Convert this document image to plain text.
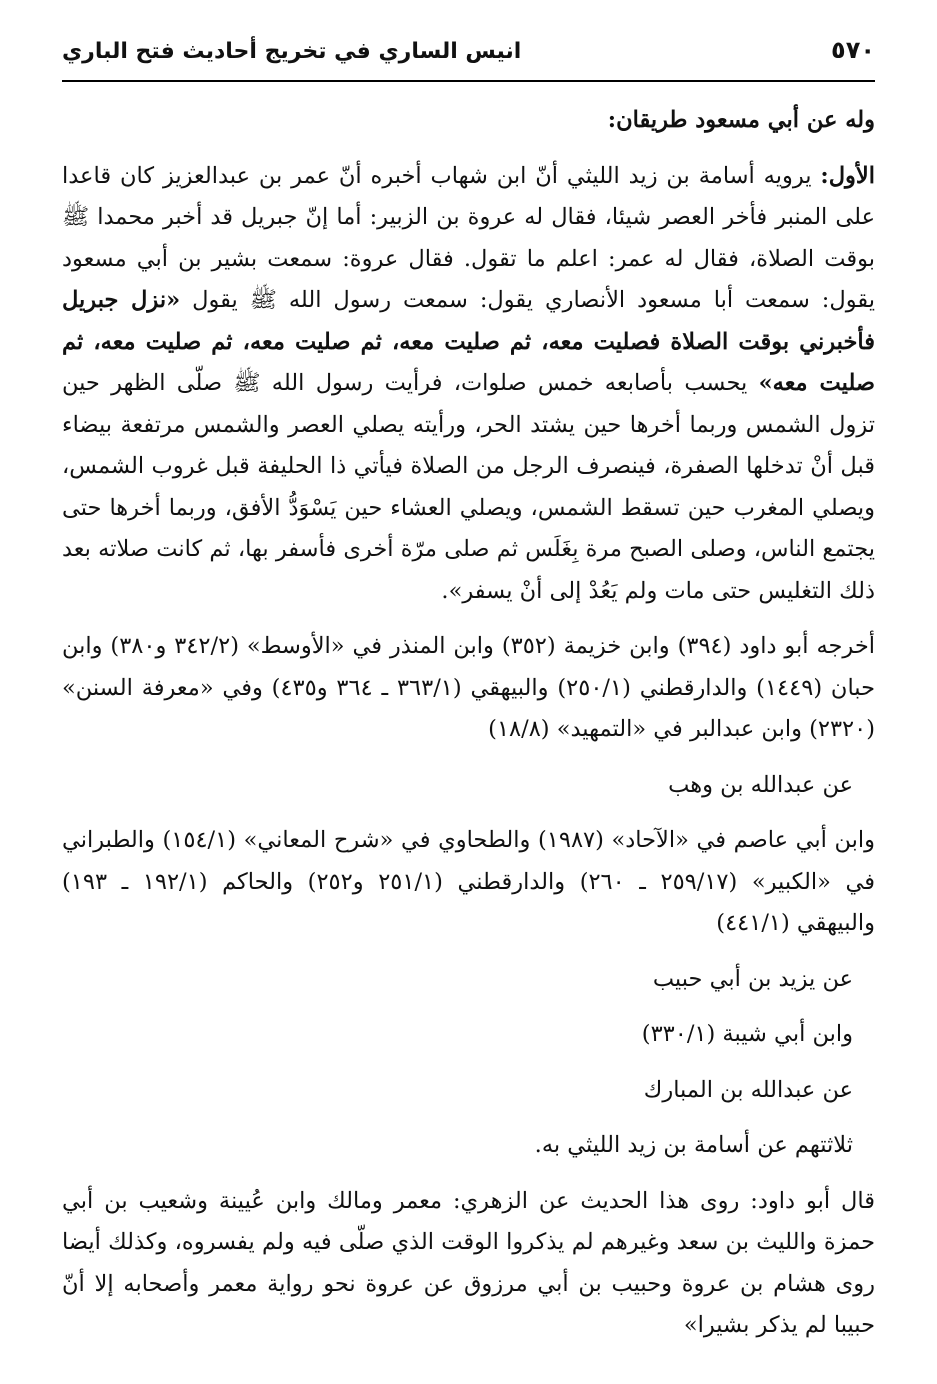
٥٧٠
انيس الساري في تخريج أحاديث فتح الباري

وله عن أبي مسعود طريقان:

الأول: يرويه أسامة بن زيد الليثي أنّ ابن شهاب أخبره أنّ عمر بن عبدالعزيز كان قاعدا على المنبر فأخر العصر شيئا، فقال له عروة بن الزبير: أما إنّ جبريل قد أخبر محمدا ﷺ بوقت الصلاة، فقال له عمر: اعلم ما تقول. فقال عروة: سمعت بشير بن أبي مسعود يقول: سمعت أبا مسعود الأنصاري يقول: سمعت رسول الله ﷺ يقول «نزل جبريل فأخبرني بوقت الصلاة فصليت معه، ثم صليت معه، ثم صليت معه، ثم صليت معه، ثم صليت معه» يحسب بأصابعه خمس صلوات، فرأيت رسول الله ﷺ صلّى الظهر حين تزول الشمس وربما أخرها حين يشتد الحر، ورأيته يصلي العصر والشمس مرتفعة بيضاء قبل أنْ تدخلها الصفرة، فينصرف الرجل من الصلاة فيأتي ذا الحليفة قبل غروب الشمس، ويصلي المغرب حين تسقط الشمس، ويصلي العشاء حين يَسْوَدُّ الأفق، وربما أخرها حتى يجتمع الناس، وصلى الصبح مرة بِغَلَس ثم صلى مرّة أخرى فأسفر بها، ثم كانت صلاته بعد ذلك التغليس حتى مات ولم يَعُدْ إلى أنْ يسفر».

أخرجه أبو داود (٣٩٤) وابن خزيمة (٣٥٢) وابن المنذر في «الأوسط» (٣٤٢/٢ و٣٨٠) وابن حبان (١٤٤٩) والدارقطني (٢٥٠/١) والبيهقي (٣٦٣/١ ـ ٣٦٤ و٤٣٥) وفي «معرفة السنن» (٢٣٢٠) وابن عبدالبر في «التمهيد» (١٨/٨)

عن عبدالله بن وهب

وابن أبي عاصم في «الآحاد» (١٩٨٧) والطحاوي في «شرح المعاني» (١٥٤/١) والطبراني في «الكبير» (٢٥٩/١٧ ـ ٢٦٠) والدارقطني (٢٥١/١ و٢٥٢) والحاكم (١٩٢/١ ـ ١٩٣) والبيهقي (٤٤١/١)

عن يزيد بن أبي حبيب

وابن أبي شيبة (٣٣٠/١)

عن عبدالله بن المبارك

ثلاثتهم عن أسامة بن زيد الليثي به.

قال أبو داود: روى هذا الحديث عن الزهري: معمر ومالك وابن عُيينة وشعيب بن أبي حمزة والليث بن سعد وغيرهم لم يذكروا الوقت الذي صلّى فيه ولم يفسروه، وكذلك أيضا روى هشام بن عروة وحبيب بن أبي مرزوق عن عروة نحو رواية معمر وأصحابه إلا أنّ حبيبا لم يذكر بشيرا»
